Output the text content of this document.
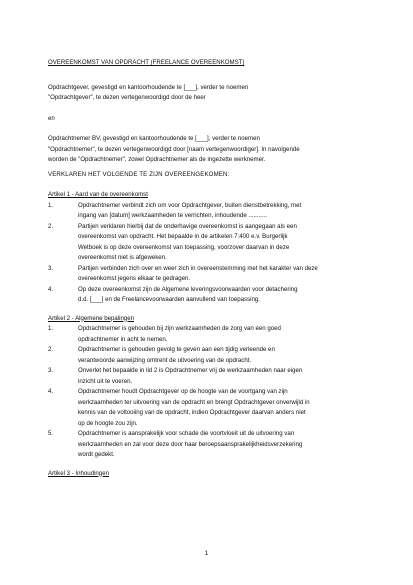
OVEREENKOMST VAN OPDRACHT (FREELANCE OVEREENKOMST)

Opdrachtgever, gevestigd en kantoorhoudende te [___], verder te noemen

"Opdrachtgever", te dezen vertegenwoordigd door de heer

en

Opdrachtnemer BV, gevestigd en kantoorhoudende te [___], verder te noemen

"Opdrachtnemer", te dezen vertegenwoordigd door [naam vertegenwoordiger]. In navolgende

worden de "Opdrachtnemer", zowel Opdrachtnemer als de ingezette werknemer.

VERKLAREN HET VOLGENDE TE ZIJN OVEREENGEKOMEN:

Artikel 1 - Aard van de overeenkomst

1.	Opdrachtnemer verbindt zich om voor Opdrachtgever, buiten dienstbetrekking, met
ingang van [datum] werkzaamheden te verrichten, inhoudende ...........
2.	Partijen verklaren hierbij dat de onderhavige overeenkomst is aangegaan als een
overeenkomst van opdracht. Het bepaalde in de artikelen 7:400 e.v. Burgerlijk
Wetboek is op deze overeenkomst van toepassing, voorzover daarvan in deze
overeenkomst niet is afgeweken.
3.	Partijen verbinden zich over en weer zich in overeenstemming met het karakter van deze
overeenkomst jegens elkaar te gedragen.
4.	Op deze overeenkomst zijn de Algemene leveringsvoorwaarden voor detachering
d.d. [___] en de Freelancevoorwaarden aanvullend van toepassing.

Artikel 2 - Algemene bepalingen

1.	Opdrachtnemer is gehouden bij zijn werkzaamheden de zorg van een goed
opdrachtnemer in acht te nemen.
2.	Opdrachtnemer is gehouden gevolg te geven aan een tijdig verleende en
verantwoorde aanwijzing omtrent de uitvoering van de opdracht.
3.	Onverlet het bepaalde in lid 2 is Opdrachtnemer vrij de werkzaamheden naar eigen
inzicht uit te voeren.
4.	Opdrachtnemer houdt Opdrachtgever op de hoogte van de voortgang van zijn
werkzaamheden ter uitvoering van de opdracht en brengt Opdrachtgever onverwijld in
kennis van de voltooiing van de opdracht, indien Opdrachtgever daarvan anders niet
op de hoogte zou zijn.
5.	Opdrachtnemer is aansprakelijk voor schade die voortvloeit uit de uitvoering van
werkzaamheden en zal voor deze door haar beroepsaansprakelijkheidsverzekering
wordt gedekt.

Artikel 3 - Inhoudingen

1
